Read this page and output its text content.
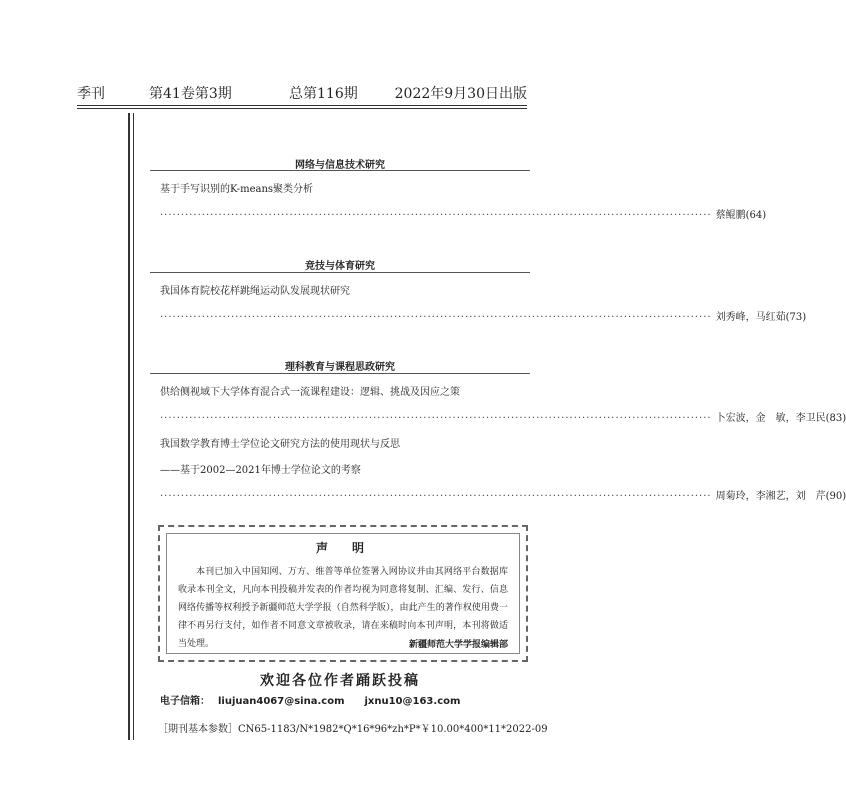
季刊	第41卷第3期	总第116期	2022年9月30日出版
网络与信息技术研究
基于手写识别的K-means聚类分析
···································································································································· 蔡鲲鹏(64)
竞技与体育研究
我国体育院校花样跳绳运动队发展现状研究
···································································································································· 刘秀峰，马红茹(73)
理科教育与课程思政研究
供给侧视域下大学体育混合式一流课程建设：逻辑、挑战及因应之策
···································································································································· 卜宏波，金　敏，李卫民(83)
我国数学教育博士学位论文研究方法的使用现状与反思
——基于2002—2021年博士学位论文的考察
···································································································································· 周菊玲，李湘艺，刘　芹(90)
声　明
本刊已加入中国知网、万方、维普等单位签署入网协议并由其网络平台数据库收录本刊全文，凡向本刊投稿并发表的作者均视为同意将复制、汇编、发行、信息网络传播等权利授予新疆师范大学学报（自然科学版），由此产生的著作权使用费一律不再另行支付，如作者不同意文章被收录，请在来稿时向本刊声明，本刊将做适当处理。	新疆师范大学学报编辑部
欢迎各位作者踊跃投稿
电子信箱： liujuan4067@sina.com jxnu10@163.com
［期刊基本参数］CN65-1183/N*1982*Q*16*96*zh*P*￥10.00*400*11*2022-09
